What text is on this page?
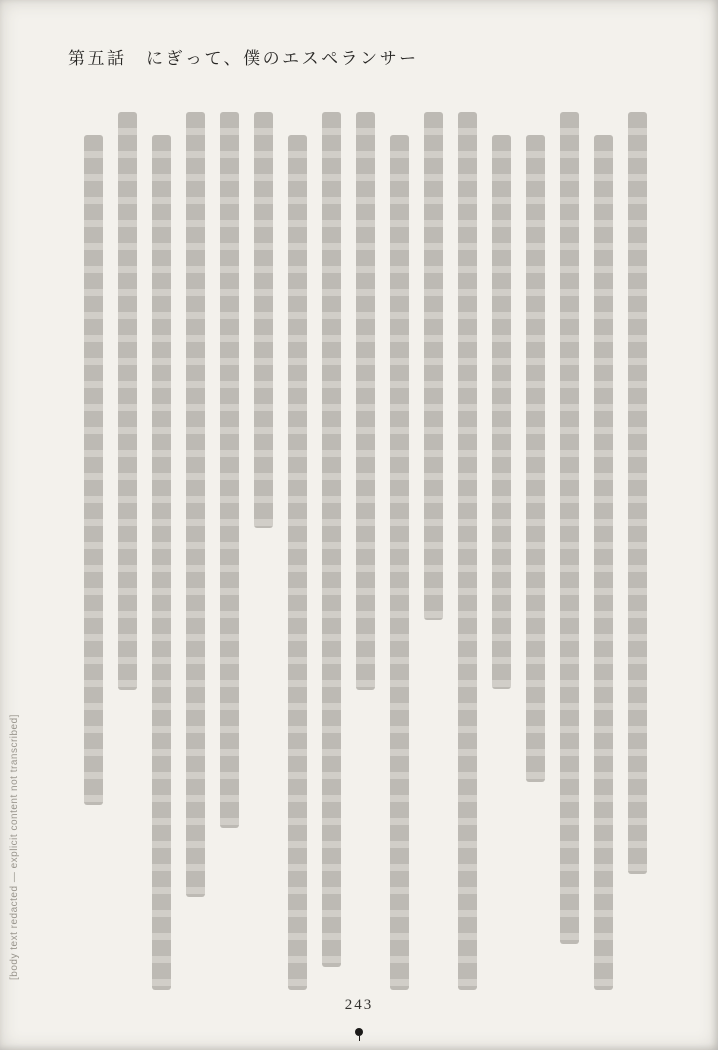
第五話　にぎって、僕のエスペランサー
[body text redacted — explicit content not transcribed]
243
